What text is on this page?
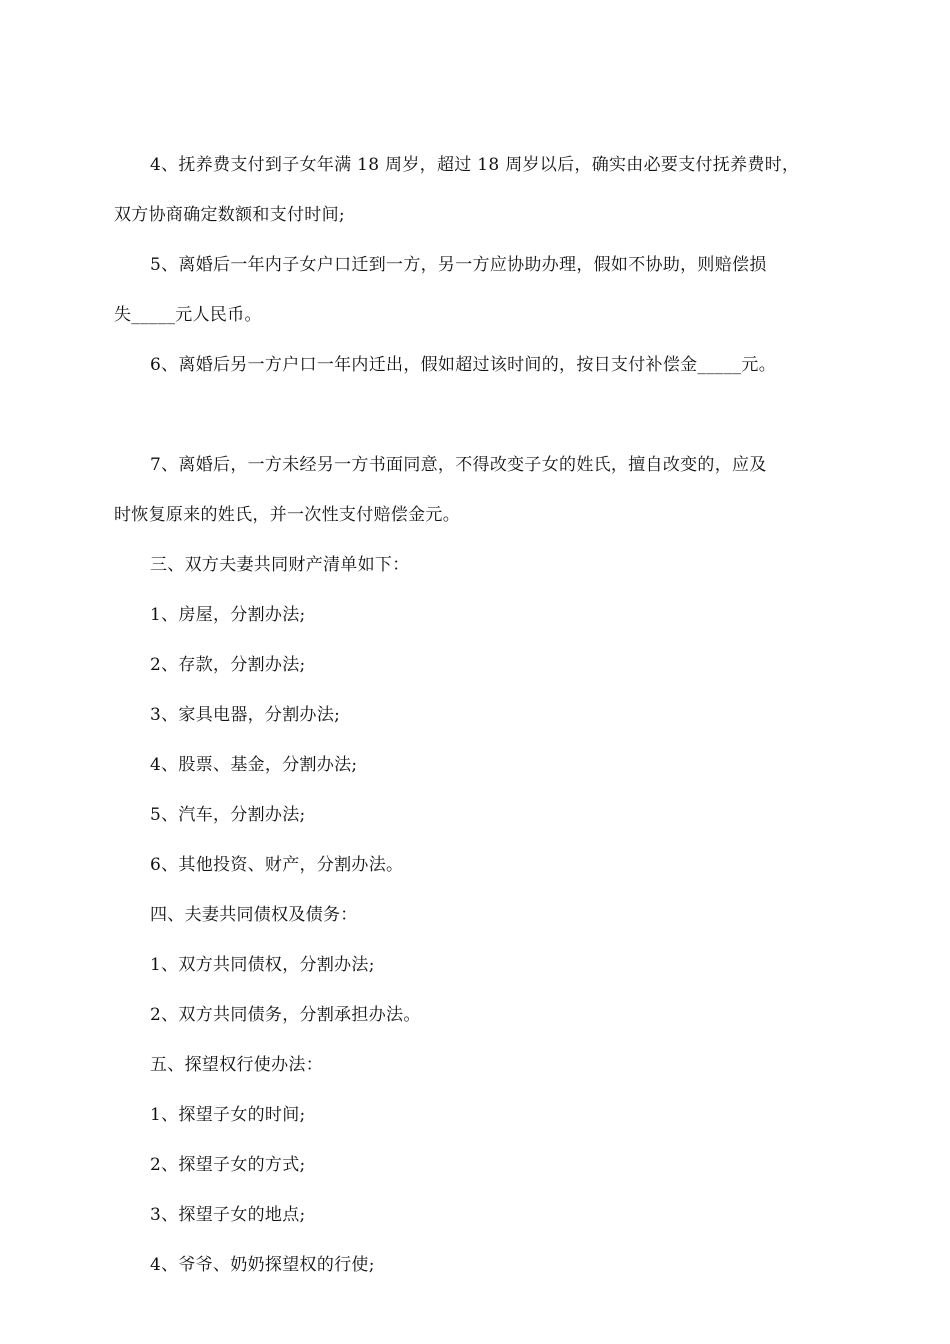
4、抚养费支付到子女年满 18 周岁，超过 18 周岁以后，确实由必要支付抚养费时，
双方协商确定数额和支付时间;
5、离婚后一年内子女户口迁到一方，另一方应协助办理，假如不协助，则赔偿损
失_____元人民币。
6、离婚后另一方户口一年内迁出，假如超过该时间的，按日支付补偿金_____元。
7、离婚后，一方未经另一方书面同意，不得改变子女的姓氏，擅自改变的，应及
时恢复原来的姓氏，并一次性支付赔偿金元。
三、双方夫妻共同财产清单如下：
1、房屋，分割办法;
2、存款，分割办法;
3、家具电器，分割办法;
4、股票、基金，分割办法;
5、汽车，分割办法;
6、其他投资、财产，分割办法。
四、夫妻共同债权及债务：
1、双方共同债权，分割办法;
2、双方共同债务，分割承担办法。
五、探望权行使办法：
1、探望子女的时间;
2、探望子女的方式;
3、探望子女的地点;
4、爷爷、奶奶探望权的行使;
